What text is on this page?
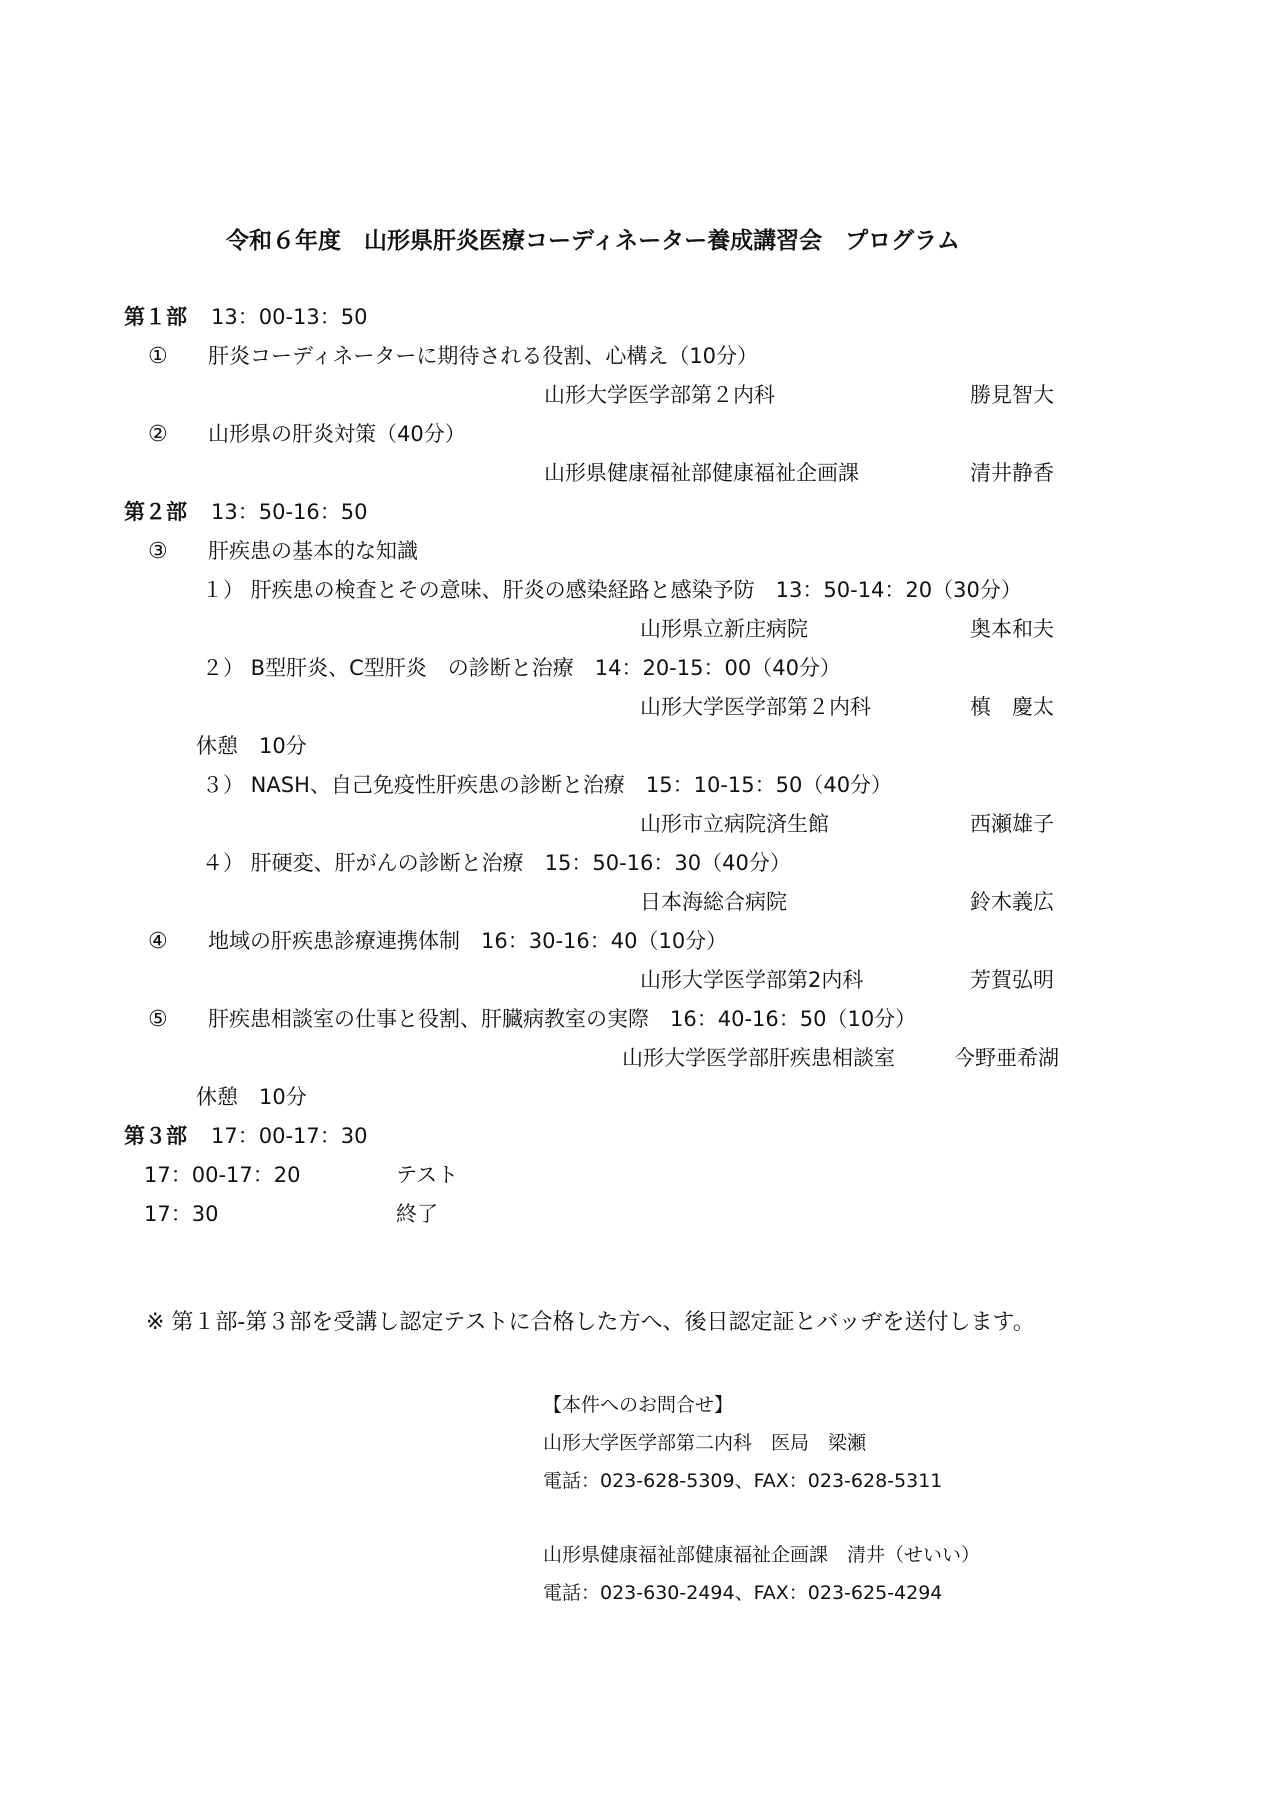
令和６年度　山形県肝炎医療コーディネーター養成講習会　プログラム
第１部 13：00-13：50
① 肝炎コーディネーターに期待される役割、心構え（10分）
山形大学医学部第２内科	勝見智大
② 山形県の肝炎対策（40分）
山形県健康福祉部健康福祉企画課	清井静香
第２部 13：50-16：50
③ 肝疾患の基本的な知識
１） 肝疾患の検査とその意味、肝炎の感染経路と感染予防　13：50-14：20（30分）
山形県立新庄病院	奥本和夫
２） B型肝炎、C型肝炎　の診断と治療　14：20-15：00（40分）
山形大学医学部第２内科	槙　慶太
休憩　10分
３） NASH、自己免疫性肝疾患の診断と治療　15：10-15：50（40分）
山形市立病院済生館	西瀬雄子
４） 肝硬変、肝がんの診断と治療　15：50-16：30（40分）
日本海総合病院	鈴木義広
④ 地域の肝疾患診療連携体制　16：30-16：40（10分）
山形大学医学部第2内科	芳賀弘明
⑤ 肝疾患相談室の仕事と役割、肝臓病教室の実際　16：40-16：50（10分）
山形大学医学部肝疾患相談室	今野亜希湖
休憩　10分
第３部 17：00-17：30
17：00-17：20	テスト
17：30	終了
※ 第１部-第３部を受講し認定テストに合格した方へ、後日認定証とバッヂを送付します。
【本件へのお問合せ】
山形大学医学部第二内科　医局　梁瀬
電話：023-628-5309、FAX：023-628-5311
山形県健康福祉部健康福祉企画課　清井（せいい）
電話：023-630-2494、FAX：023-625-4294
